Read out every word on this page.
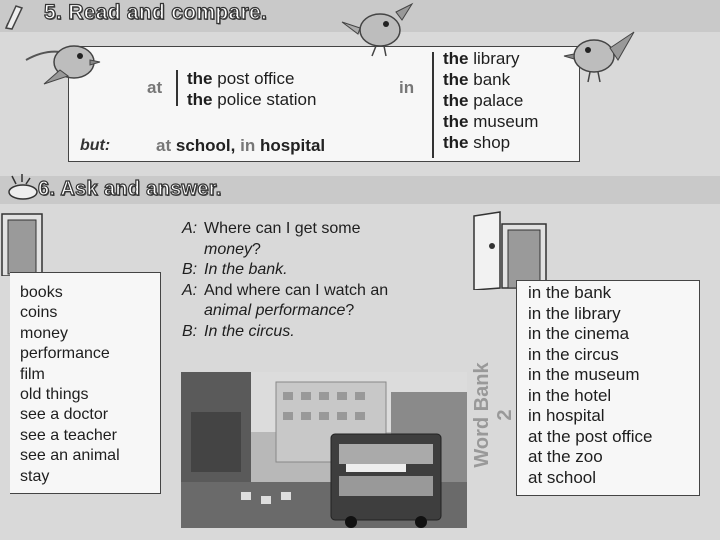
5. Read and compare.
at	in
but:	at school, in hospital
6. Ask and answer.
books
coins
money
performance
film
old things
see a doctor
see a teacher
see an animal
stay
A: Where can I get some
money?
B: In the bank.
A: And where can I watch an
animal performance?
B: In the circus.
Word Bank 2
in the bank
in the library
in the cinema
in the circus
in the museum
in the hotel
in hospital
at the post office
at the zoo
at school
the post office
the police station
the library
the bank
the palace
the museum
the shop
